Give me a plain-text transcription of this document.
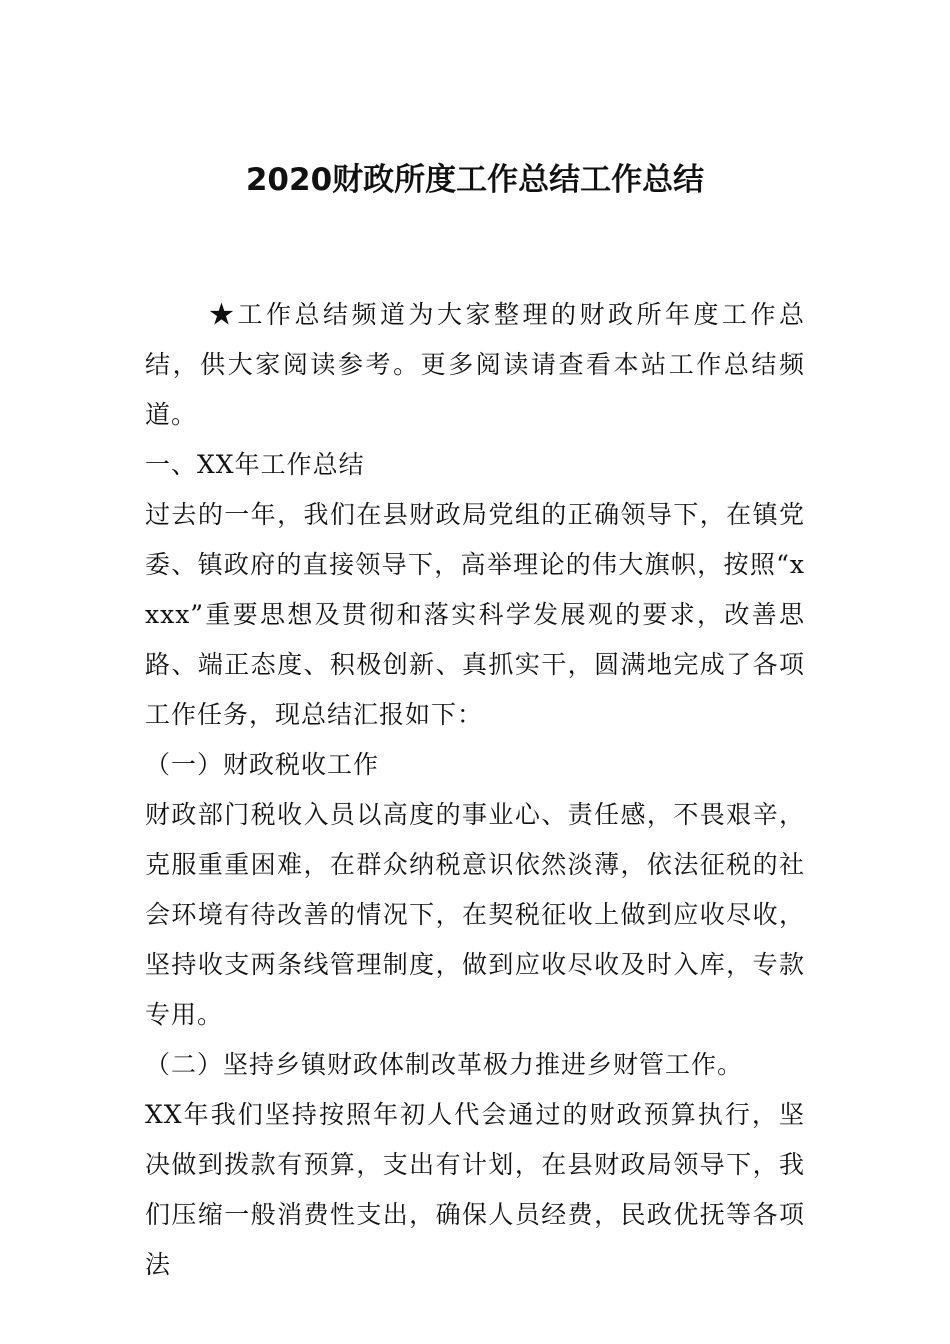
2020财政所度工作总结工作总结

★工作总结频道为大家整理的财政所年度工作总结，供大家阅读参考。更多阅读请查看本站工作总结频道。

一、XX年工作总结

过去的一年，我们在县财政局党组的正确领导下，在镇党委、镇政府的直接领导下，高举理论的伟大旗帜，按照“xxxx”重要思想及贯彻和落实科学发展观的要求，改善思路、端正态度、积极创新、真抓实干，圆满地完成了各项工作任务，现总结汇报如下：

（一）财政税收工作

财政部门税收入员以高度的事业心、责任感，不畏艰辛，克服重重困难，在群众纳税意识依然淡薄，依法征税的社会环境有待改善的情况下，在契税征收上做到应收尽收，坚持收支两条线管理制度，做到应收尽收及时入库，专款专用。

（二）坚持乡镇财政体制改革极力推进乡财管工作。

XX年我们坚持按照年初人代会通过的财政预算执行，坚决做到拨款有预算，支出有计划，在县财政局领导下，我们压缩一般消费性支出，确保人员经费，民政优抚等各项法
